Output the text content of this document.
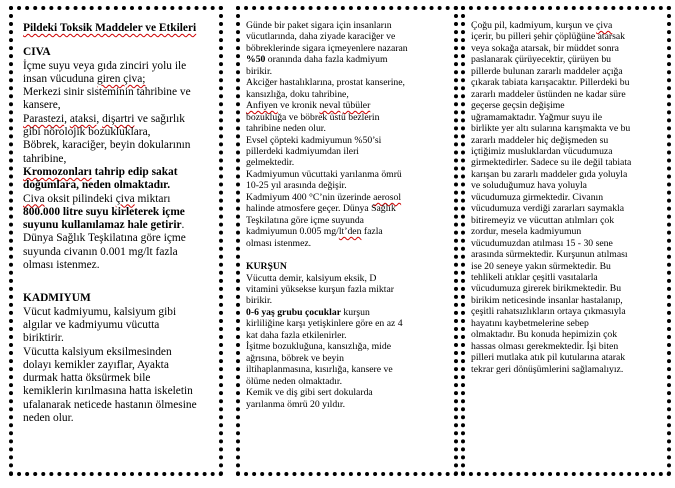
Pildeki Toksik Maddeler ve Etkileri

CIVA

İçme suyu veya gıda zinciri yolu ile

insan vücuduna giren çiva;

Merkezi sinir sisteminin tahribine ve

kansere,

Parastezi, ataksi, dişartri ve sağırlık

gibi nörolojik bozukluklara,

Böbrek, karaciğer, beyin dokularının

tahribine,

Kromozonları tahrip edip sakat

doğumlara, neden olmaktadır.

Civa oksit pilindeki çiva miktarı

800.000 litre suyu kirleterek içme

suyunu kullanılamaz hale getirir.

Dünya Sağlık Teşkilatına göre içme

suyunda civanın 0.001 mg/lt fazla

olması istenmez.

KADMIYUM

Vücut kadmiyumu, kalsiyum gibi

algılar ve kadmiyumu vücutta

biriktirir.

Vücutta kalsiyum eksilmesinden

dolayı kemikler zayıflar, Ayakta

durmak hatta öksürmek bile

kemiklerin kırılmasına hatta iskeletin

ufalanarak neticede hastanın ölmesine

neden olur.

Günde bir paket sigara için insanların

vücutlarında, daha ziyade karaciğer ve

böbreklerinde sigara içmeyenlere nazaran

%50 oranında daha fazla kadmiyum

birikir.

Akciğer hastalıklarına, prostat kanserine,

kansızlığa, doku tahribine,

Anfiyen ve kronik neval tübüler

bozukluğa ve böbrek üstü bezlerin

tahribine neden olur.

Evsel çöpteki kadmiyumun %50’si

pillerdeki kadmiyumdan ileri

gelmektedir.

Kadmiyumun vücuttaki yarılanma ömrü

10-25 yıl arasında değişir.

Kadmiyum 400 °C’nin üzerinde aerosol

halinde atmosfere geçer. Dünya Sağlık

Teşkilatına göre içme suyunda

kadmiyumun 0.005 mg/lt’den fazla

olması istenmez.

KURŞUN

Vücutta demir, kalsiyum eksik, D

vitamini yüksekse kurşun fazla miktar

birikir.

0-6 yaş grubu çocuklar kurşun

kirliliğine karşı yetişkinlere göre en az 4

kat daha fazla etkilenirler.

İşitme bozukluğuna, kansızlığa, mide

ağrısına, böbrek ve beyin

iltihaplanmasına, kısırlığa, kansere ve

ölüme neden olmaktadır.

Kemik ve diş gibi sert dokularda

yarılanma ömrü 20 yıldır.

Çoğu pil, kadmiyum, kurşun ve çiva

içerir, bu pilleri şehir çöplüğüne atarsak

veya sokağa atarsak, bir müddet sonra

paslanarak çürüyecektir, çürüyen bu

pillerde bulunan zararlı maddeler açığa

çıkarak tabiata karışacaktır. Pillerdeki bu

zararlı maddeler üstünden ne kadar süre

geçerse geçsin değişime

uğramamaktadır. Yağmur suyu ile

birlikte yer altı sularına karışmakta ve bu

zararlı maddeler hiç değişmeden su

içtiğimiz musluklardan vücudumuza

girmektedirler. Sadece su ile değil tabiata

karışan bu zararlı maddeler gıda yoluyla

ve soluduğumuz hava yoluyla

vücudumuza girmektedir. Civanın

vücudumuza verdiği zararları saymakla

bitiremeyiz ve vücuttan atılmları çok

zordur, mesela kadmiyumun

vücudumuzdan atılması 15 - 30 sene

arasında sürmektedir. Kurşunun atılması

ise 20 seneye yakın sürmektedir. Bu

tehlikeli atıklar çeşitli vasıtalarla

vücudumuza girerek birikmektedir. Bu

birikim neticesinde insanlar hastalanıp,

çeşitli rahatsızlıkların ortaya çıkmasıyla

hayatını kaybetmelerine sebep

olmaktadır. Bu konuda hepimizin çok

hassas olması gerekmektedir. İşi biten

pilleri mutlaka atık pil kutularına atarak

tekrar geri dönüşümlerini sağlamalıyız.
